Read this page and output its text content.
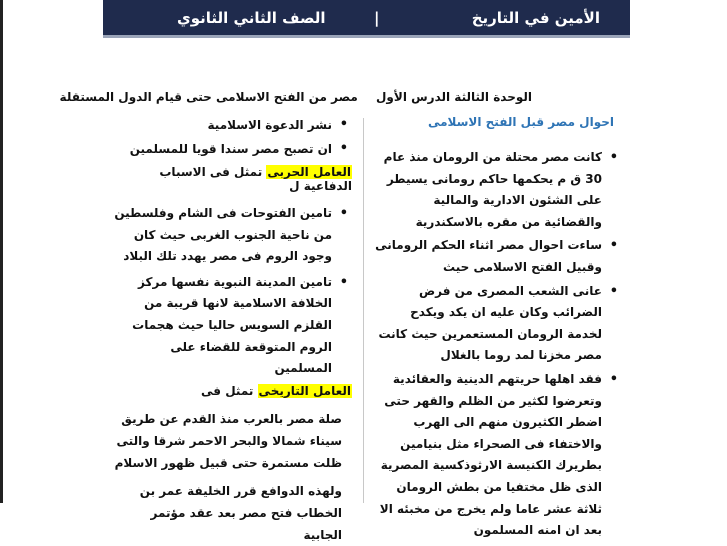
الأمين في التاريخ
|
الصف الثاني الثانوي
الوحدة الثالثة الدرس الأول مصر من الفتح الاسلامى حتى قيام الدول المستقلة
احوال مصر قبل الفتح الاسلامى
• كانت مصر محتلة من الرومان منذ عام 30 ق م يحكمها حاكم رومانى يسيطر على الشئون الادارية والمالية والقضائية من مقره بالاسكندرية
• ساءت احوال مصر اثناء الحكم الرومانى وقبيل الفتح الاسلامى حيث
• عانى الشعب المصرى من فرض الضرائب وكان عليه ان يكد ويكدح لخدمة الرومان المستعمرين حيث كانت مصر مخزنا لمد روما بالغلال
• فقد اهلها حريتهم الدينية والعقائدية وتعرضوا لكثير من الظلم والقهر حتى اضطر الكثيرون منهم الى الهرب والاختفاء فى الصحراء مثل بنيامين بطريرك الكنيسة الارثوذكسية المصرية الذى ظل مختفيا من بطش الرومان ثلاثة عشر عاما ولم يخرج من مخبئه الا بعد ان امنه المسلمون
• نشر الدعوة الاسلامية
• ان تصبح مصر سندا قويا للمسلمين
العامل الحربى تمثل فى الاسباب الدفاعية ل
• تامين الفتوحات فى الشام وفلسطين من ناحية الجنوب الغربى حيث كان وجود الروم فى مصر يهدد تلك البلاد
• تامين المدينة النبوية نفسها مركز الخلافة الاسلامية لانها قريبة من القلزم السويس حاليا حيث هجمات الروم المتوقعة للقضاء على المسلمين
العامل التاريخى تمثل فى
صلة مصر بالعرب منذ القدم عن طريق سيناء شمالا والبحر الاحمر شرقا والتى ظلت مستمرة حتى قبيل ظهور الاسلام
ولهذه الدوافع قرر الخليفة عمر بن الخطاب فتح مصر بعد عقد مؤتمر الجابية
